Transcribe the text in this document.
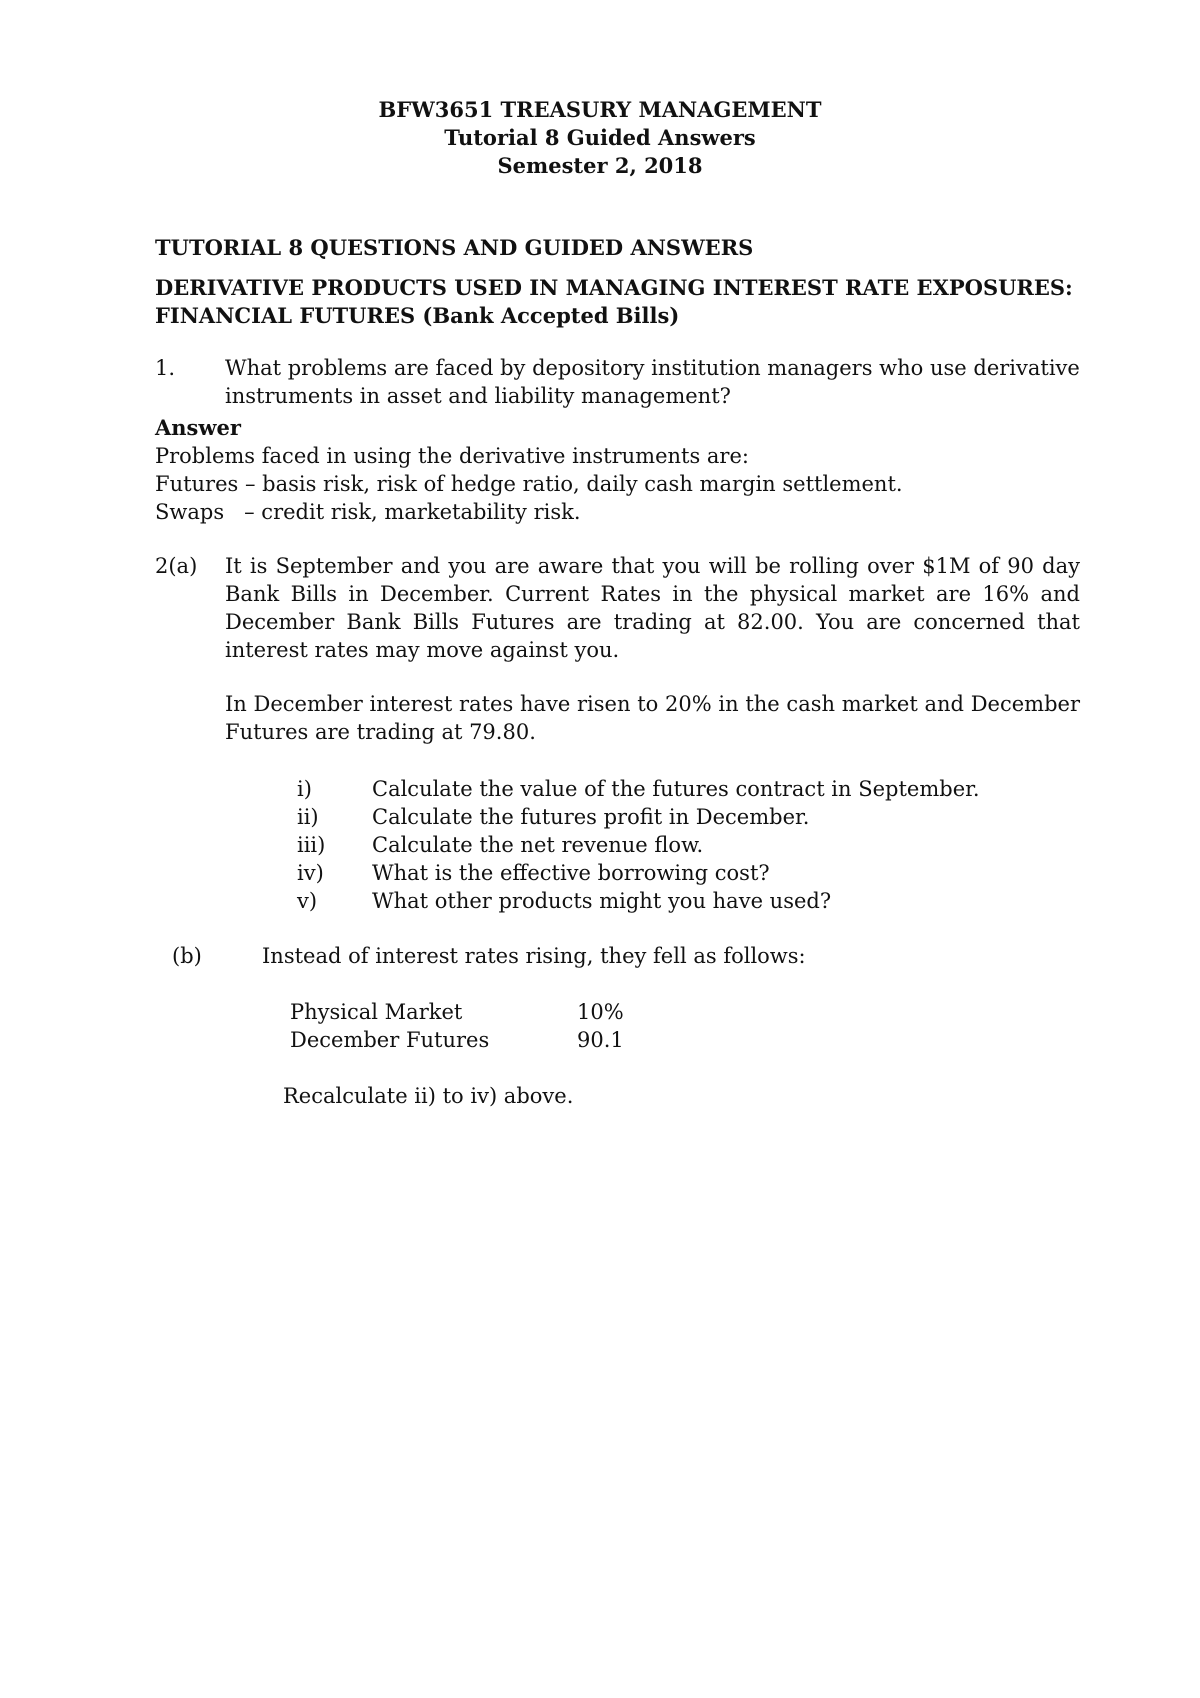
BFW3651 TREASURY MANAGEMENT
Tutorial 8 Guided Answers
Semester 2, 2018
TUTORIAL 8 QUESTIONS AND GUIDED ANSWERS
DERIVATIVE PRODUCTS USED IN MANAGING INTEREST RATE EXPOSURES:
FINANCIAL FUTURES (Bank Accepted Bills)
1. What problems are faced by depository institution managers who use derivative instruments in asset and liability management?
Answer
Problems faced in using the derivative instruments are:
Futures – basis risk, risk of hedge ratio, daily cash margin settlement.
Swaps   – credit risk, marketability risk.
2(a) It is September and you are aware that you will be rolling over $1M of 90 day Bank Bills in December. Current Rates in the physical market are 16% and December Bank Bills Futures are trading at 82.00. You are concerned that interest rates may move against you.
In December interest rates have risen to 20% in the cash market and December Futures are trading at 79.80.
i)	Calculate the value of the futures contract in September.
ii)	Calculate the futures profit in December.
iii) Calculate the net revenue flow.
iv) What is the effective borrowing cost?
v)	What other products might you have used?
(b)	Instead of interest rates rising, they fell as follows:
Physical Market	10%
December Futures	90.1
Recalculate ii) to iv) above.
